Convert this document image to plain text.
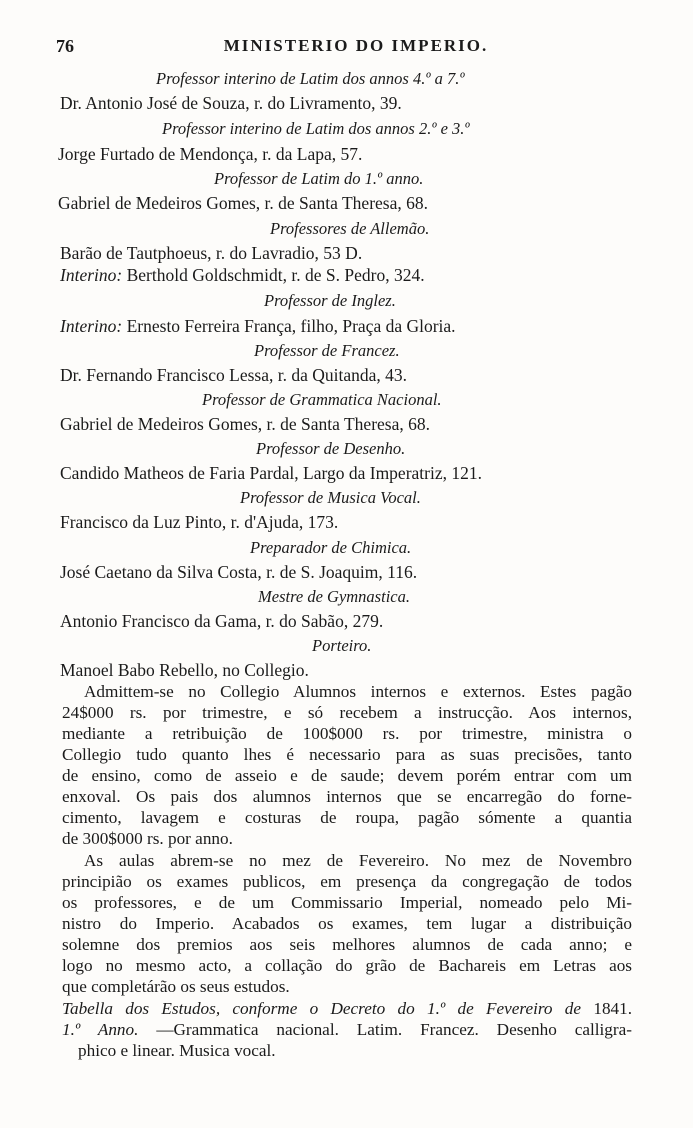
76	MINISTERIO DO IMPERIO.
Professor interino de Latim dos annos 4.º a 7.º
Dr. Antonio José de Souza, r. do Livramento, 39.
Professor interino de Latim dos annos 2.º e 3.º
Jorge Furtado de Mendonça, r. da Lapa, 57.
Professor de Latim do 1.º anno.
Gabriel de Medeiros Gomes, r. de Santa Theresa, 68.
Professores de Allemão.
Barão de Tautphoeus, r. do Lavradio, 53 D.
Interino: Berthold Goldschmidt, r. de S. Pedro, 324.
Professor de Inglez.
Interino: Ernesto Ferreira França, filho, Praça da Gloria.
Professor de Francez.
Dr. Fernando Francisco Lessa, r. da Quitanda, 43.
Professor de Grammatica Nacional.
Gabriel de Medeiros Gomes, r. de Santa Theresa, 68.
Professor de Desenho.
Candido Matheos de Faria Pardal, Largo da Imperatriz, 121.
Professor de Musica Vocal.
Francisco da Luz Pinto, r. d'Ajuda, 173.
Preparador de Chimica.
José Caetano da Silva Costa, r. de S. Joaquim, 116.
Mestre de Gymnastica.
Antonio Francisco da Gama, r. do Sabão, 279.
Porteiro.
Manoel Babo Rebello, no Collegio.
Admittem-se no Collegio Alumnos internos e externos. Estes pagão
24$000 rs. por trimestre, e só recebem a instrucção. Aos internos,
mediante a retribuição de 100$000 rs. por trimestre, ministra o
Collegio tudo quanto lhes é necessario para as suas precisões, tanto
de ensino, como de asseio e de saude; devem porém entrar com um
enxoval. Os pais dos alumnos internos que se encarregão do forne-
cimento, lavagem e costuras de roupa, pagão sómente a quantia
de 300$000 rs. por anno.
As aulas abrem-se no mez de Fevereiro. No mez de Novembro
principião os exames publicos, em presença da congregação de todos
os professores, e de um Commissario Imperial, nomeado pelo Mi-
nistro do Imperio. Acabados os exames, tem lugar a distribuição
solemne dos premios aos seis melhores alumnos de cada anno; e
logo no mesmo acto, a collação do grão de Bachareis em Letras aos
que completárão os seus estudos.
Tabella dos Estudos, conforme o Decreto do 1.º de Fevereiro de 1841.
1.º Anno. —Grammatica nacional. Latim. Francez. Desenho calligra-
phico e linear. Musica vocal.
